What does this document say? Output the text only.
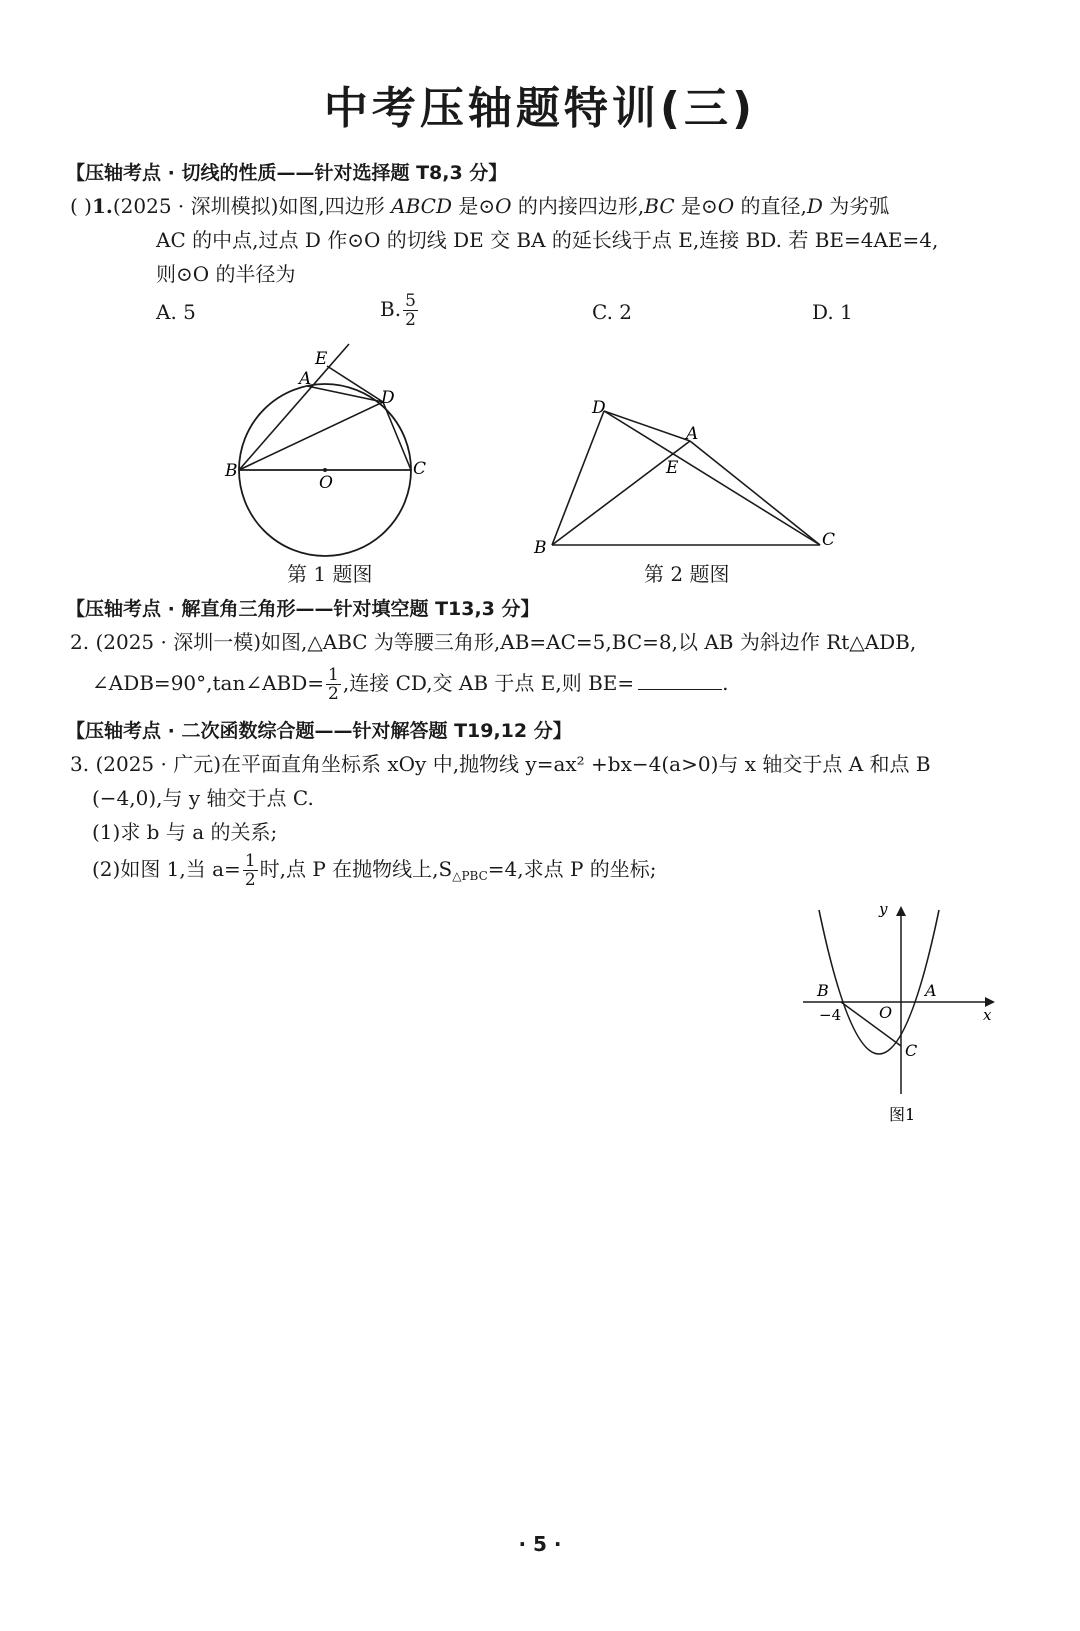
中考压轴题特训(三)
【压轴考点 · 切线的性质——针对选择题 T8,3 分】
( )1.(2025 · 深圳模拟)如图,四边形 ABCD 是⊙O 的内接四边形,BC 是⊙O 的直径,D 为劣弧
AC 的中点,过点 D 作⊙O 的切线 DE 交 BA 的延长线于点 E,连接 BD. 若 BE=4AE=4,
则⊙O 的半径为
A. 5	B. $\frac{5}{2}$	C. 2	D. 1
E
A
D
B
O
C
第 1 题图
D
A
E
B	C
第 2 题图
【压轴考点 · 解直角三角形——针对填空题 T13,3 分】
2. (2025 · 深圳一模)如图,△ABC 为等腰三角形,AB=AC=5,BC=8,以 AB 为斜边作 Rt△ADB,
∠ADB=90°,tan∠ABD= $\frac{1}{2}$ ,连接 CD,交 AB 于点 E,则 BE=	.
【压轴考点 · 二次函数综合题——针对解答题 T19,12 分】
3. (2025 · 广元)在平面直角坐标系 xOy 中,抛物线 y=ax² +bx−4(a>0)与 x 轴交于点 A 和点 B
(−4,0),与 y 轴交于点 C.
(1)求 b 与 a 的关系;
(2)如图 1,当 $a= \frac{1}{2}$ 时,点 P 在抛物线上$,S_{\triangle PBC}=4$,求点 P 的坐标;
y
x
B	A
O
−4
C
图1
· 5 ·
